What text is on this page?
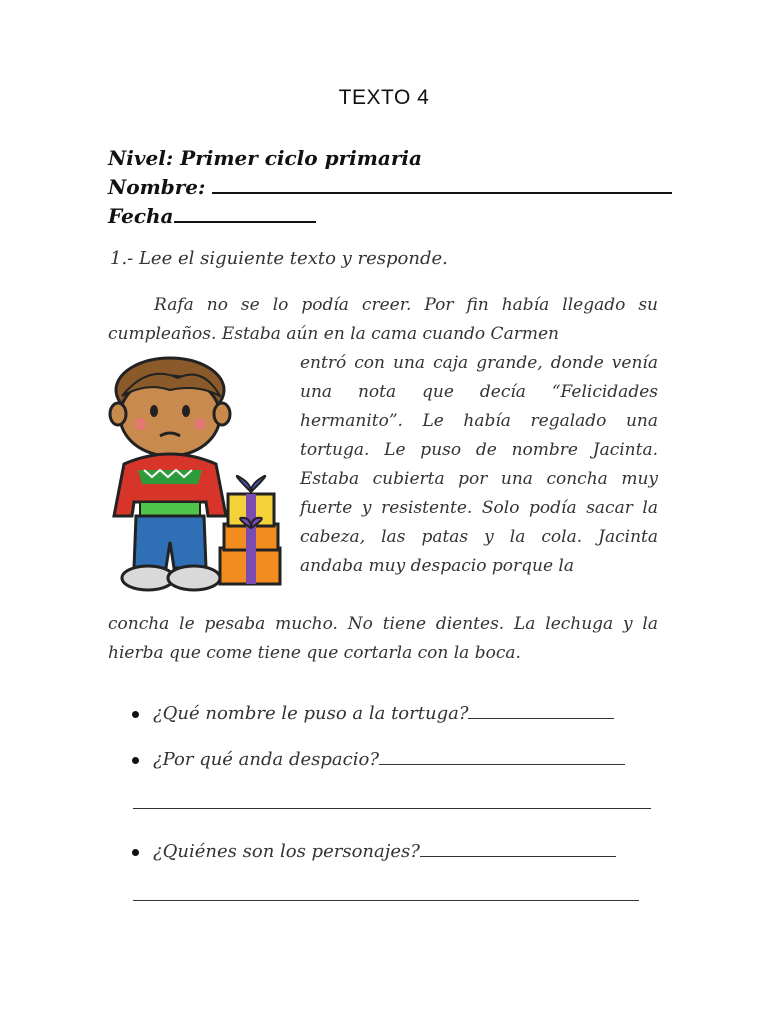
TEXTO 4
Nivel: Primer ciclo primaria
Nombre:
Fecha
1.- Lee el siguiente texto y responde.
Rafa no se lo podía creer. Por fin había llegado su cumpleaños. Estaba aún en la cama cuando Carmen
entró con una caja grande, donde venía una nota que decía “Felicidades hermanito”. Le había regalado una tortuga. Le puso de nombre Jacinta. Estaba cubierta por una concha muy fuerte y resistente. Solo podía sacar la cabeza, las patas y la cola. Jacinta andaba muy despacio porque la
concha le pesaba mucho. No tiene dientes. La lechuga y la hierba que come tiene que cortarla con la boca.
¿Qué nombre le puso a la tortuga?
¿Por qué anda despacio?
¿Quiénes son los personajes?
